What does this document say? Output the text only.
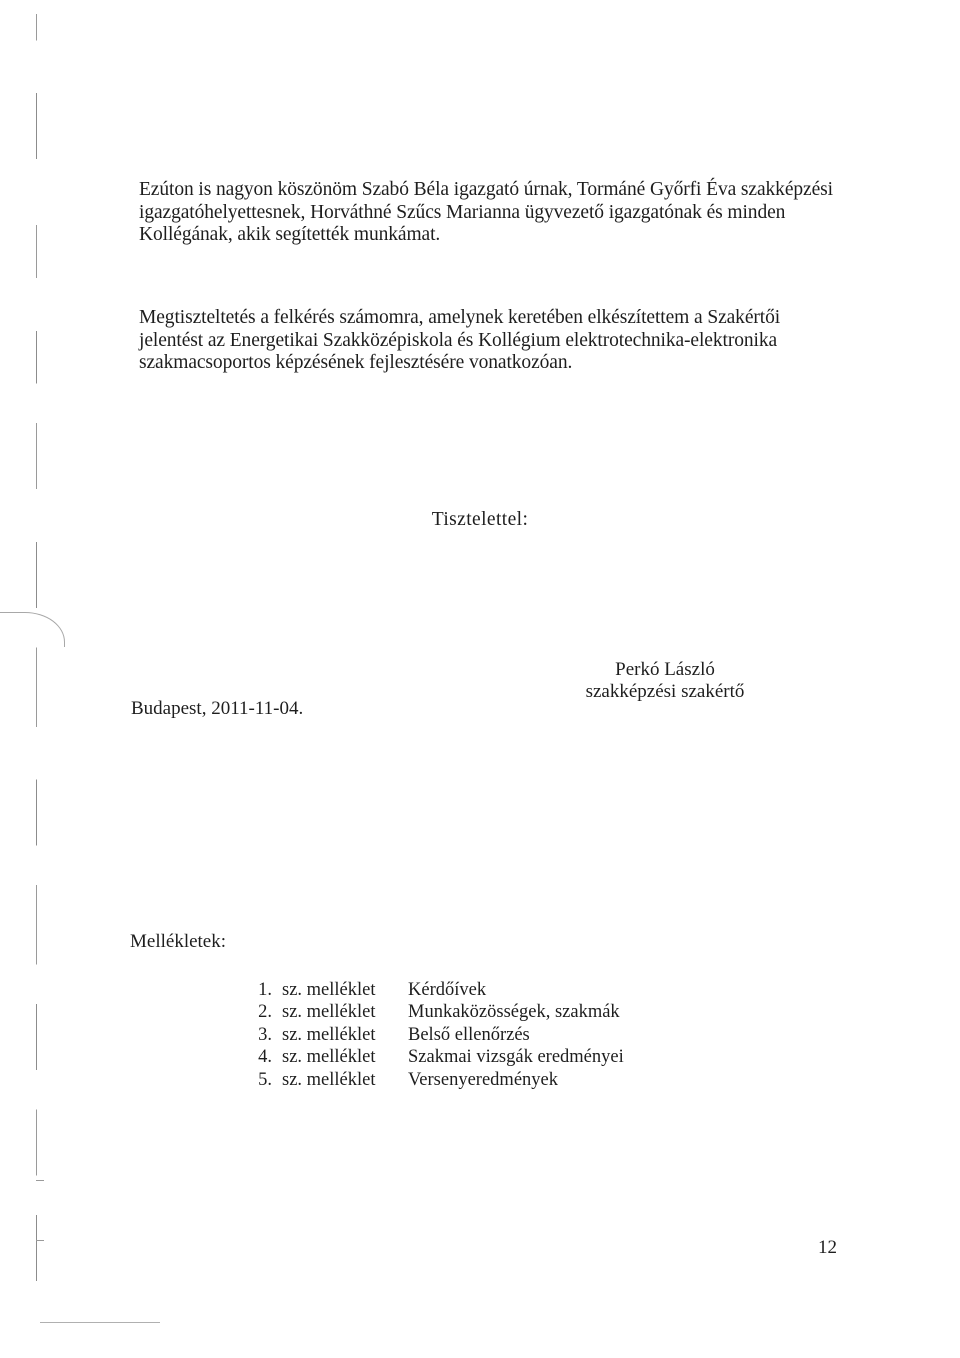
Ezúton is nagyon köszönöm Szabó Béla igazgató úrnak, Tormáné Győrfi Éva szakképzési igazgatóhelyettesnek, Horváthné Szűcs Marianna ügyvezető igazgatónak és minden Kollégának, akik segítették munkámat.

Megtiszteltetés a felkérés számomra, amelynek keretében elkészítettem a Szakértői jelentést az Energetikai Szakközépiskola és Kollégium elektrotechnika-elektronika szakmacsoportos képzésének fejlesztésére vonatkozóan.

Tisztelettel:
Perkó László
szakképzési szakértő
Budapest, 2011-11-04.
Mellékletek:
1. sz. melléklet	Kérdőívek
2. sz. melléklet	Munkaközösségek, szakmák
3. sz. melléklet	Belső ellenőrzés
4. sz. melléklet	Szakmai vizsgák eredményei
5. sz. melléklet	Versenyeredmények
12
